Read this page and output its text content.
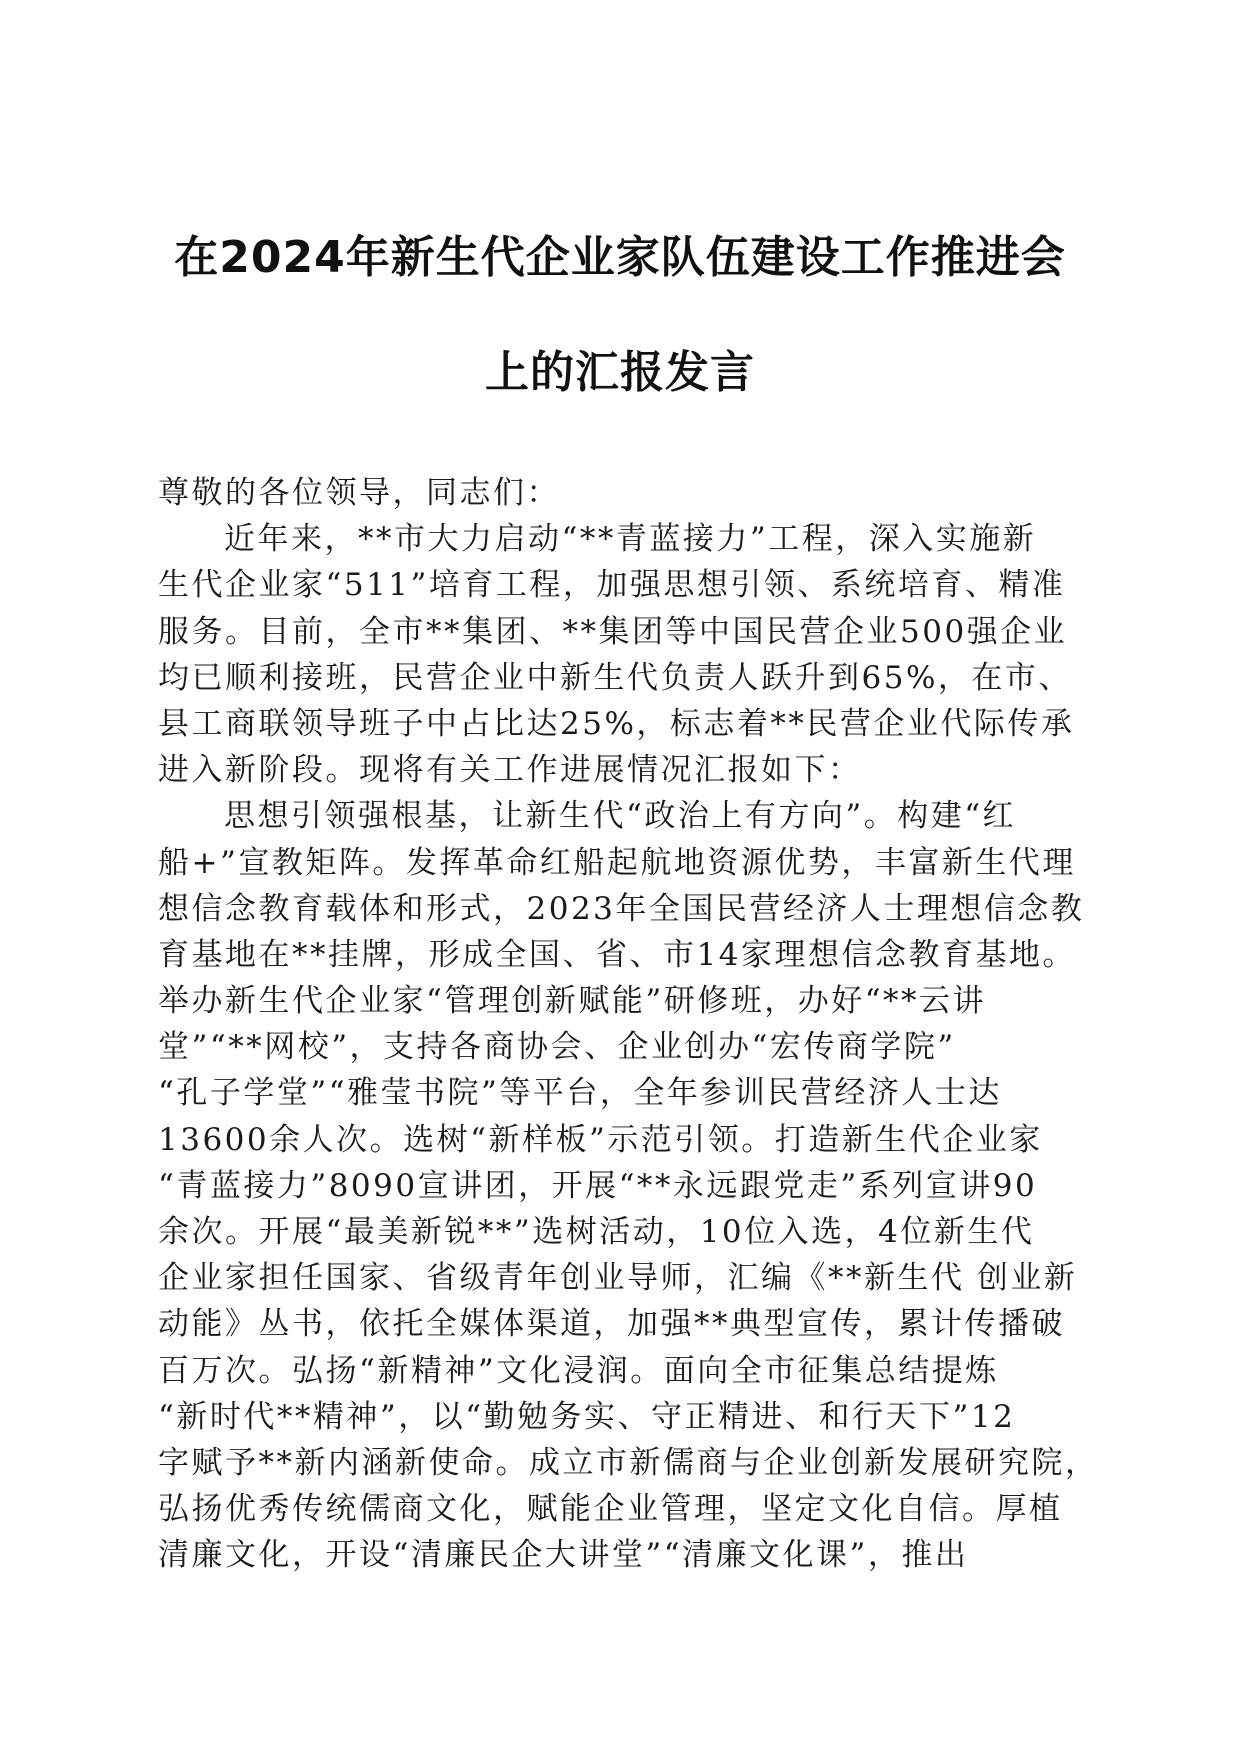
在2024年新生代企业家队伍建设工作推进会
上的汇报发言
尊敬的各位领导，同志们：
近年来，**市大力启动“**青蓝接力”工程，深入实施新
生代企业家“511”培育工程，加强思想引领、系统培育、精准
服务。目前，全市**集团、**集团等中国民营企业500强企业
均已顺利接班，民营企业中新生代负责人跃升到65%，在市、
县工商联领导班子中占比达25%，标志着**民营企业代际传承
进入新阶段。现将有关工作进展情况汇报如下：
思想引领强根基，让新生代“政治上有方向”。构建“红
船+”宣教矩阵。发挥革命红船起航地资源优势，丰富新生代理
想信念教育载体和形式，2023年全国民营经济人士理想信念教
育基地在**挂牌，形成全国、省、市14家理想信念教育基地。
举办新生代企业家“管理创新赋能”研修班，办好“**云讲
堂”“**网校”，支持各商协会、企业创办“宏传商学院”
“孔子学堂”“雅莹书院”等平台，全年参训民营经济人士达
13600余人次。选树“新样板”示范引领。打造新生代企业家
“青蓝接力”8090宣讲团，开展“**永远跟党走”系列宣讲90
余次。开展“最美新锐**”选树活动，10位入选，4位新生代
企业家担任国家、省级青年创业导师，汇编《**新生代 创业新
动能》丛书，依托全媒体渠道，加强**典型宣传，累计传播破
百万次。弘扬“新精神”文化浸润。面向全市征集总结提炼
“新时代**精神”，以“勤勉务实、守正精进、和行天下”12
字赋予**新内涵新使命。成立市新儒商与企业创新发展研究院，
弘扬优秀传统儒商文化，赋能企业管理，坚定文化自信。厚植
清廉文化，开设“清廉民企大讲堂”“清廉文化课”，推出
